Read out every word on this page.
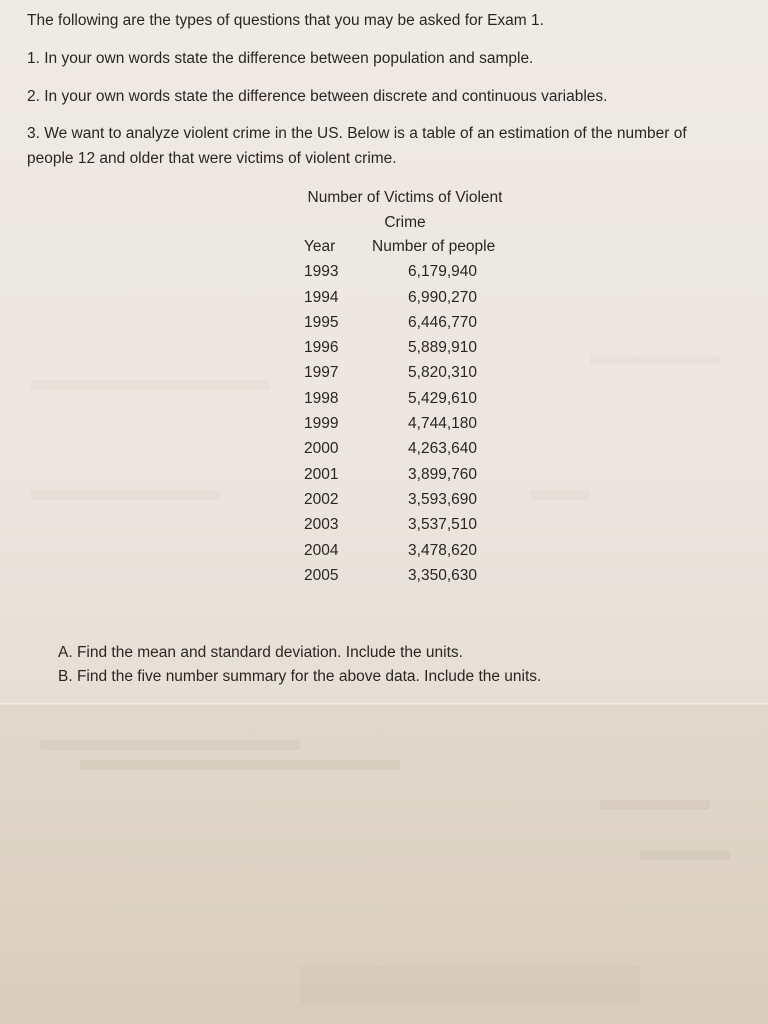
The following are the types of questions that you may be asked for Exam 1.
1. In your own words state the difference between population and sample.
2. In your own words state the difference between discrete and continuous variables.
3. We want to analyze violent crime in the US. Below is a table of an estimation of the number of
people 12 and older that were victims of violent crime.
Number of Victims of Violent
Crime
Year	Number of people
1993	6,179,940
1994	6,990,270
1995	6,446,770
1996	5,889,910
1997	5,820,310
1998	5,429,610
1999	4,744,180
2000	4,263,640
2001	3,899,760
2002	3,593,690
2003	3,537,510
2004	3,478,620
2005	3,350,630
A. Find the mean and standard deviation. Include the units.
B. Find the five number summary for the above data. Include the units.
